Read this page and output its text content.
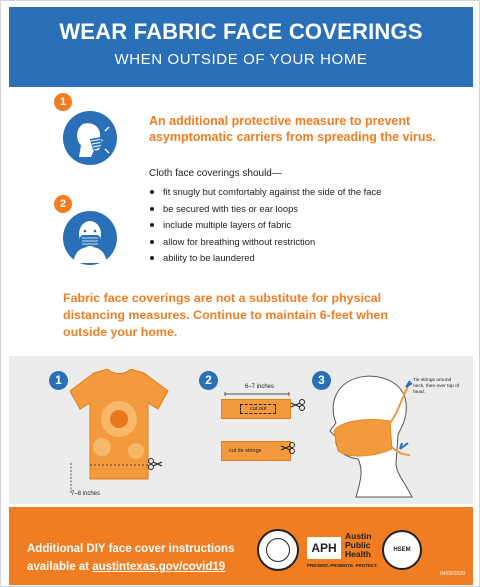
WEAR FABRIC FACE COVERINGS
WHEN OUTSIDE OF YOUR HOME
1
2
An additional protective measure to prevent asymptomatic carriers from spreading the virus.
Cloth face coverings should—
fit snugly but comfortably against the side of the face
be secured with ties or ear loops
include multiple layers of fabric
allow for breathing without restriction
ability to be laundered
Fabric face coverings are not a substitute for physical distancing measures. Continue to maintain 6-feet when outside your home.
1	2	3
7–8 inches
6–7 inches
cut out
cut tie strings
Tie strings around neck, then over top of head.
Additional DIY face cover instructions
available at austintexas.gov/covid19
APH
Austin Public Health
PREVENT. PROMOTE. PROTECT.
HSEM
04/05/2020
